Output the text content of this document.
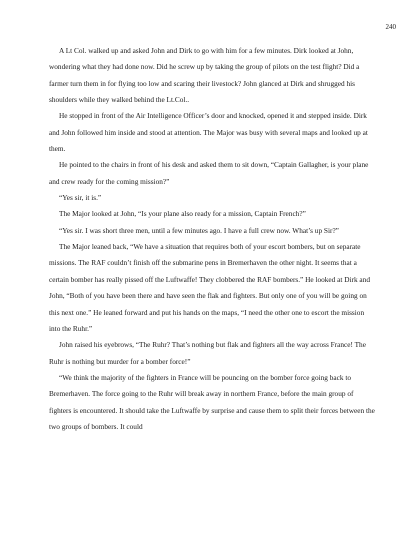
240

A Lt Col. walked up and asked John and Dirk to go with him for a few minutes. Dirk looked at John, wondering what they had done now. Did he screw up by taking the group of pilots on the test flight? Did a farmer turn them in for flying too low and scaring their livestock? John glanced at Dirk and shrugged his shoulders while they walked behind the Lt.Col..

He stopped in front of the Air Intelligence Officer’s door and knocked, opened it and stepped inside. Dirk and John followed him inside and stood at attention. The Major was busy with several maps and looked up at them.

He pointed to the chairs in front of his desk and asked them to sit down, “Captain Gallagher, is your plane and crew ready for the coming mission?”

“Yes sir, it is.”

The Major looked at John, “Is your plane also ready for a mission, Captain French?”

“Yes sir. I was short three men, until a few minutes ago. I have a full crew now. What’s up Sir?”

The Major leaned back, “We have a situation that requires both of your escort bombers, but on separate missions. The RAF couldn’t finish off the submarine pens in Bremerhaven the other night. It seems that a certain bomber has really pissed off the Luftwaffe! They clobbered the RAF bombers.” He looked at Dirk and John, “Both of you have been there and have seen the flak and fighters. But only one of you will be going on this next one.” He leaned forward and put his hands on the maps, “I need the other one to escort the mission into the Ruhr.”

John raised his eyebrows, “The Ruhr? That’s nothing but flak and fighters all the way across France! The Ruhr is nothing but murder for a bomber force!”

“We think the majority of the fighters in France will be pouncing on the bomber force going back to Bremerhaven. The force going to the Ruhr will break away in northern France, before the main group of fighters is encountered. It should take the Luftwaffe by surprise and cause them to split their forces between the two groups of bombers. It could
